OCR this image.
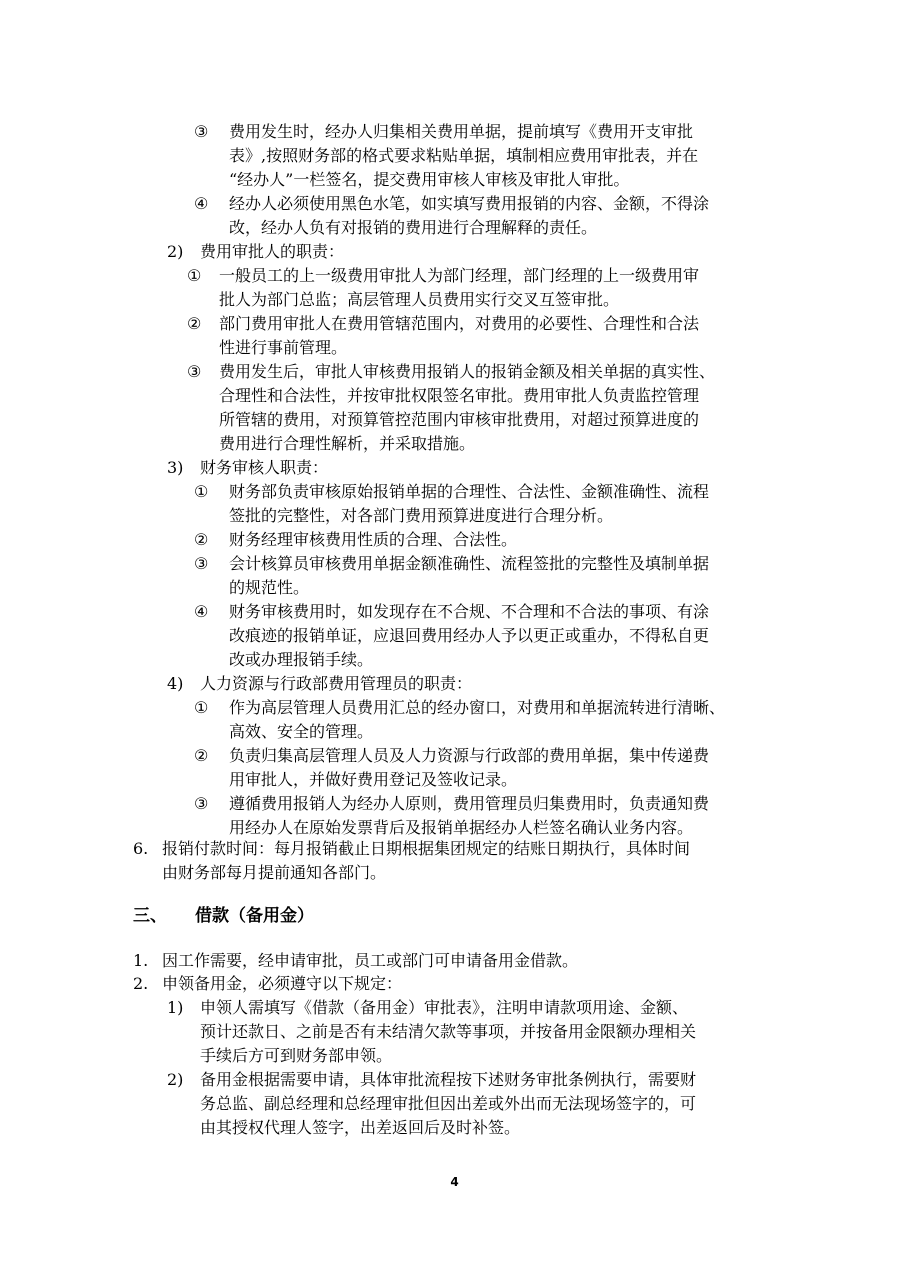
③ 费用发生时，经办人归集相关费用单据，提前填写《费用开支审批
表》,按照财务部的格式要求粘贴单据，填制相应费用审批表，并在
“经办人”一栏签名，提交费用审核人审核及审批人审批。
④ 经办人必须使用黑色水笔，如实填写费用报销的内容、金额，不得涂
改，经办人负有对报销的费用进行合理解释的责任。
2) 费用审批人的职责：
① 一般员工的上一级费用审批人为部门经理，部门经理的上一级费用审
批人为部门总监；高层管理人员费用实行交叉互签审批。
② 部门费用审批人在费用管辖范围内，对费用的必要性、合理性和合法
性进行事前管理。
③ 费用发生后，审批人审核费用报销人的报销金额及相关单据的真实性、
合理性和合法性，并按审批权限签名审批。费用审批人负责监控管理
所管辖的费用，对预算管控范围内审核审批费用，对超过预算进度的
费用进行合理性解析，并采取措施。
3) 财务审核人职责：
① 财务部负责审核原始报销单据的合理性、合法性、金额准确性、流程
签批的完整性，对各部门费用预算进度进行合理分析。
② 财务经理审核费用性质的合理、合法性。
③ 会计核算员审核费用单据金额准确性、流程签批的完整性及填制单据
的规范性。
④ 财务审核费用时，如发现存在不合规、不合理和不合法的事项、有涂
改痕迹的报销单证，应退回费用经办人予以更正或重办，不得私自更
改或办理报销手续。
4) 人力资源与行政部费用管理员的职责：
① 作为高层管理人员费用汇总的经办窗口，对费用和单据流转进行清晰、
高效、安全的管理。
② 负责归集高层管理人员及人力资源与行政部的费用单据，集中传递费
用审批人，并做好费用登记及签收记录。
③ 遵循费用报销人为经办人原则，费用管理员归集费用时，负责通知费
用经办人在原始发票背后及报销单据经办人栏签名确认业务内容。
6. 报销付款时间：每月报销截止日期根据集团规定的结账日期执行，具体时间
由财务部每月提前通知各部门。
三、 借款（备用金）
1. 因工作需要，经申请审批，员工或部门可申请备用金借款。
2. 申领备用金，必须遵守以下规定：
1) 申领人需填写《借款（备用金）审批表》，注明申请款项用途、金额、
预计还款日、之前是否有未结清欠款等事项，并按备用金限额办理相关
手续后方可到财务部申领。
2) 备用金根据需要申请，具体审批流程按下述财务审批条例执行，需要财
务总监、副总经理和总经理审批但因出差或外出而无法现场签字的，可
由其授权代理人签字，出差返回后及时补签。
4
